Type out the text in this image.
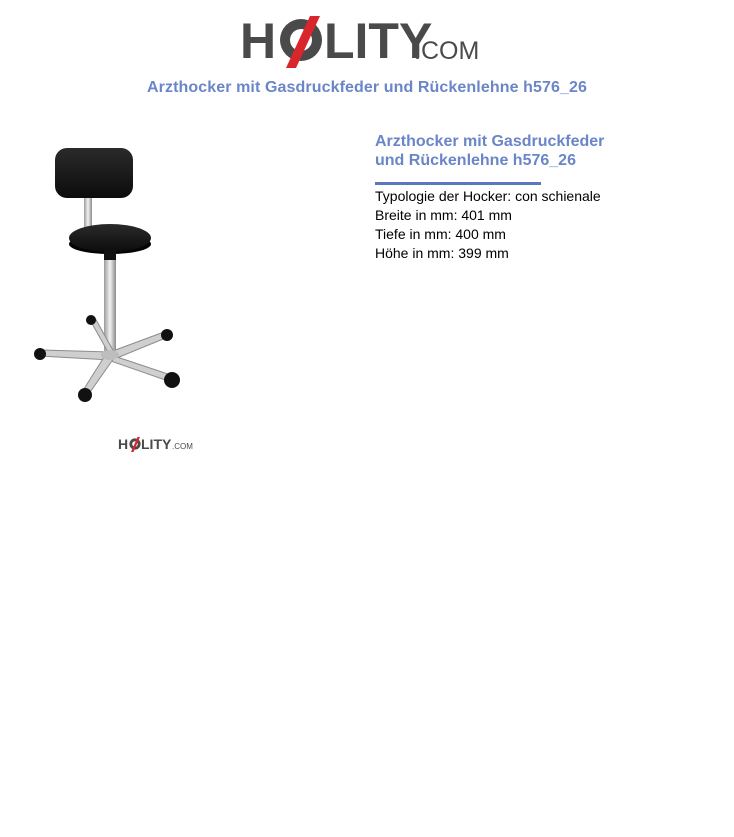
H LITY
.COM
Arzthocker mit Gasdruckfeder und Rückenlehne h576_26
H LITY .COM
Arzthocker mit Gasdruckfeder und Rückenlehne h576_26
Typologie der Hocker: con schienale
Breite in mm: 401 mm
Tiefe in mm: 400 mm
Höhe in mm: 399 mm
